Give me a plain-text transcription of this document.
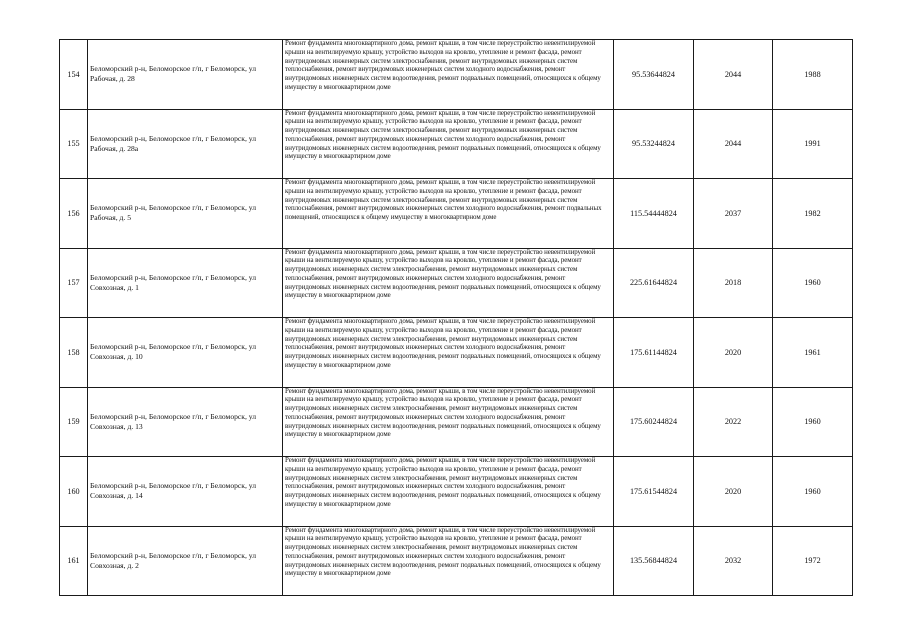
154	Беломорский р-н, Беломорское г/п, г Беломорск, ул Рабочая, д. 28	Ремонт фундамента многоквартирного дома, ремонт крыши, в том числе переустройство невентилируемой крыши на вентилируемую крышу, устройство выходов на кровлю, утепление и ремонт фасада, ремонт внутридомовых инженерных систем электроснабжения, ремонт внутридомовых инженерных систем теплоснабжения, ремонт внутридомовых инженерных систем холодного водоснабжения, ремонт внутридомовых инженерных систем водоотведения, ремонт подвальных помещений, относящихся к общему имуществу в многоквартирном доме	95.53644824	2044	1988
155	Беломорский р-н, Беломорское г/п, г Беломорск, ул Рабочая, д. 28а	Ремонт фундамента многоквартирного дома, ремонт крыши, в том числе переустройство невентилируемой крыши на вентилируемую крышу, устройство выходов на кровлю, утепление и ремонт фасада, ремонт внутридомовых инженерных систем электроснабжения, ремонт внутридомовых инженерных систем теплоснабжения, ремонт внутридомовых инженерных систем холодного водоснабжения, ремонт внутридомовых инженерных систем водоотведения, ремонт подвальных помещений, относящихся к общему имуществу в многоквартирном доме	95.53244824	2044	1991
156	Беломорский р-н, Беломорское г/п, г Беломорск, ул Рабочая, д. 5	Ремонт фундамента многоквартирного дома, ремонт крыши, в том числе переустройство невентилируемой крыши на вентилируемую крышу, устройство выходов на кровлю, утепление и ремонт фасада, ремонт внутридомовых инженерных систем электроснабжения, ремонт внутридомовых инженерных систем теплоснабжения, ремонт внутридомовых инженерных систем холодного водоснабжения, ремонт подвальных помещений, относящихся к общему имуществу в многоквартирном доме	115.54444824	2037	1982
157	Беломорский р-н, Беломорское г/п, г Беломорск, ул Совхозная, д. 1	Ремонт фундамента многоквартирного дома, ремонт крыши, в том числе переустройство невентилируемой крыши на вентилируемую крышу, устройство выходов на кровлю, утепление и ремонт фасада, ремонт внутридомовых инженерных систем электроснабжения, ремонт внутридомовых инженерных систем теплоснабжения, ремонт внутридомовых инженерных систем холодного водоснабжения, ремонт внутридомовых инженерных систем водоотведения, ремонт подвальных помещений, относящихся к общему имуществу в многоквартирном доме	225.61644824	2018	1960
158	Беломорский р-н, Беломорское г/п, г Беломорск, ул Совхозная, д. 10	Ремонт фундамента многоквартирного дома, ремонт крыши, в том числе переустройство невентилируемой крыши на вентилируемую крышу, устройство выходов на кровлю, утепление и ремонт фасада, ремонт внутридомовых инженерных систем электроснабжения, ремонт внутридомовых инженерных систем теплоснабжения, ремонт внутридомовых инженерных систем холодного водоснабжения, ремонт внутридомовых инженерных систем водоотведения, ремонт подвальных помещений, относящихся к общему имуществу в многоквартирном доме	175.61144824	2020	1961
159	Беломорский р-н, Беломорское г/п, г Беломорск, ул Совхозная, д. 13	Ремонт фундамента многоквартирного дома, ремонт крыши, в том числе переустройство невентилируемой крыши на вентилируемую крышу, устройство выходов на кровлю, утепление и ремонт фасада, ремонт внутридомовых инженерных систем электроснабжения, ремонт внутридомовых инженерных систем теплоснабжения, ремонт внутридомовых инженерных систем холодного водоснабжения, ремонт внутридомовых инженерных систем водоотведения, ремонт подвальных помещений, относящихся к общему имуществу в многоквартирном доме	175.60244824	2022	1960
160	Беломорский р-н, Беломорское г/п, г Беломорск, ул Совхозная, д. 14	Ремонт фундамента многоквартирного дома, ремонт крыши, в том числе переустройство невентилируемой крыши на вентилируемую крышу, устройство выходов на кровлю, утепление и ремонт фасада, ремонт внутридомовых инженерных систем электроснабжения, ремонт внутридомовых инженерных систем теплоснабжения, ремонт внутридомовых инженерных систем холодного водоснабжения, ремонт внутридомовых инженерных систем водоотведения, ремонт подвальных помещений, относящихся к общему имуществу в многоквартирном доме	175.61544824	2020	1960
161	Беломорский р-н, Беломорское г/п, г Беломорск, ул Совхозная, д. 2	Ремонт фундамента многоквартирного дома, ремонт крыши, в том числе переустройство невентилируемой крыши на вентилируемую крышу, устройство выходов на кровлю, утепление и ремонт фасада, ремонт внутридомовых инженерных систем электроснабжения, ремонт внутридомовых инженерных систем теплоснабжения, ремонт внутридомовых инженерных систем холодного водоснабжения, ремонт внутридомовых инженерных систем водоотведения, ремонт подвальных помещений, относящихся к общему имуществу в многоквартирном доме	135.56844824	2032	1972
